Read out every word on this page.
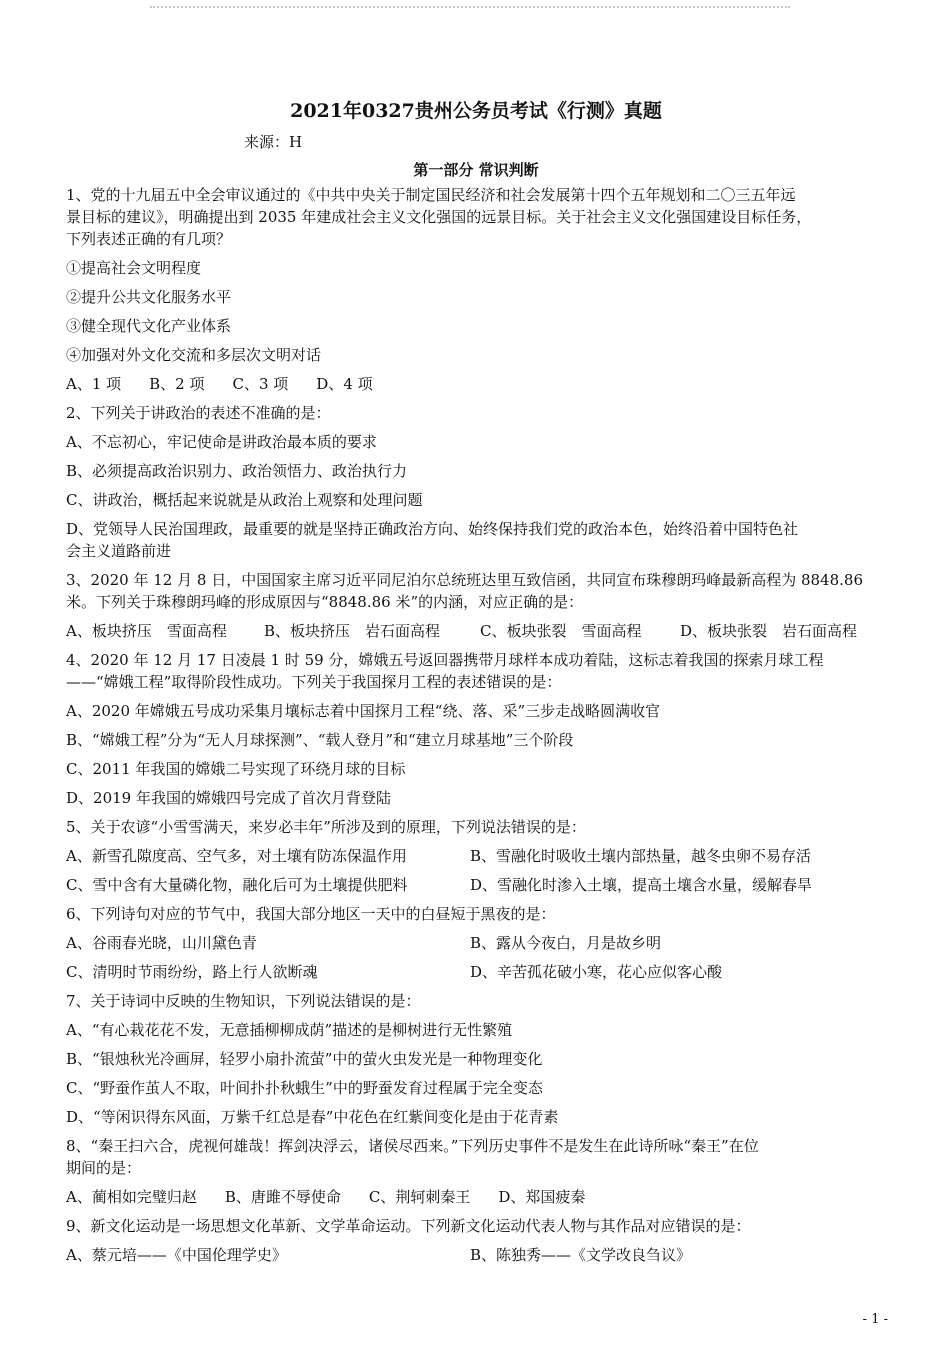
2021年0327贵州公务员考试《行测》真题
来源：H
第一部分 常识判断
1、党的十九届五中全会审议通过的《中共中央关于制定国民经济和社会发展第十四个五年规划和二〇三五年远
景目标的建议》，明确提出到 2035 年建成社会主义文化强国的远景目标。关于社会主义文化强国建设目标任务，
下列表述正确的有几项？
①提高社会文明程度
②提升公共文化服务水平
③健全现代文化产业体系
④加强对外文化交流和多层次文明对话
A、1 项 B、2 项 C、3 项 D、4 项
2、下列关于讲政治的表述不准确的是：
A、不忘初心，牢记使命是讲政治最本质的要求
B、必须提高政治识别力、政治领悟力、政治执行力
C、讲政治，概括起来说就是从政治上观察和处理问题
D、党领导人民治国理政，最重要的就是坚持正确政治方向、始终保持我们党的政治本色，始终沿着中国特色社
会主义道路前进
3、2020 年 12 月 8 日，中国国家主席习近平同尼泊尔总统班达里互致信函，共同宣布珠穆朗玛峰最新高程为 8848.86
米。下列关于珠穆朗玛峰的形成原因与“8848.86 米”的内涵，对应正确的是：
A、板块挤压　雪面高程	B、板块挤压　岩石面高程	C、板块张裂　雪面高程	D、板块张裂　岩石面高程
4、2020 年 12 月 17 日凌晨 1 时 59 分，嫦娥五号返回器携带月球样本成功着陆，这标志着我国的探索月球工程
——“嫦娥工程”取得阶段性成功。下列关于我国探月工程的表述错误的是：
A、2020 年嫦娥五号成功采集月壤标志着中国探月工程“绕、落、采”三步走战略圆满收官
B、“嫦娥工程”分为“无人月球探测”、“载人登月”和“建立月球基地”三个阶段
C、2011 年我国的嫦娥二号实现了环绕月球的目标
D、2019 年我国的嫦娥四号完成了首次月背登陆
5、关于农谚“小雪雪满天，来岁必丰年”所涉及到的原理，下列说法错误的是：
A、新雪孔隙度高、空气多，对土壤有防冻保温作用	B、雪融化时吸收土壤内部热量，越冬虫卵不易存活
C、雪中含有大量磷化物，融化后可为土壤提供肥料	D、雪融化时渗入土壤，提高土壤含水量，缓解春旱
6、下列诗句对应的节气中，我国大部分地区一天中的白昼短于黑夜的是：
A、谷雨春光晓，山川黛色青	B、露从今夜白，月是故乡明
C、清明时节雨纷纷，路上行人欲断魂	D、辛苦孤花破小寒，花心应似客心酸
7、关于诗词中反映的生物知识，下列说法错误的是：
A、“有心栽花花不发，无意插柳柳成荫”描述的是柳树进行无性繁殖
B、“银烛秋光冷画屏，轻罗小扇扑流萤”中的萤火虫发光是一种物理变化
C、“野蚕作茧人不取，叶间扑扑秋蛾生”中的野蚕发育过程属于完全变态
D、“等闲识得东风面，万紫千红总是春”中花色在红紫间变化是由于花青素
8、“秦王扫六合，虎视何雄哉！挥剑决浮云，诸侯尽西来。”下列历史事件不是发生在此诗所咏“秦王”在位
期间的是：
A、蔺相如完璧归赵 B、唐雎不辱使命 C、荆轲刺秦王 D、郑国疲秦
9、新文化运动是一场思想文化革新、文学革命运动。下列新文化运动代表人物与其作品对应错误的是：
A、蔡元培——《中国伦理学史》	B、陈独秀——《文学改良刍议》
- 1 -
